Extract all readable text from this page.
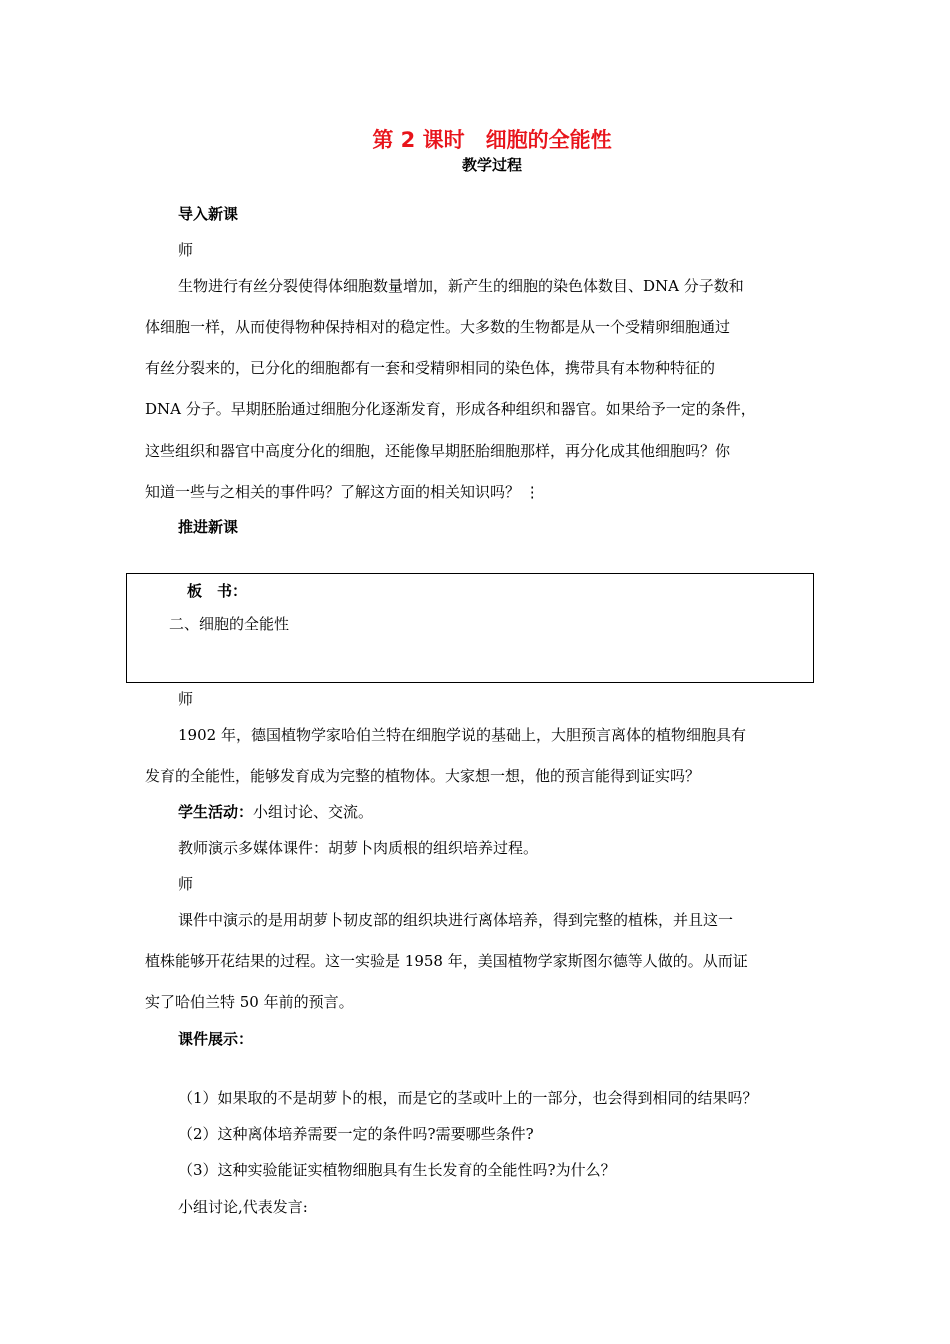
第 2 课时　细胞的全能性
教学过程
导入新课
师
生物进行有丝分裂使得体细胞数量增加，新产生的细胞的染色体数目、DNA 分子数和
体细胞一样，从而使得物种保持相对的稳定性。大多数的生物都是从一个受精卵细胞通过
有丝分裂来的，已分化的细胞都有一套和受精卵相同的染色体，携带具有本物种特征的
DNA 分子。早期胚胎通过细胞分化逐渐发育，形成各种组织和器官。如果给予一定的条件，
这些组织和器官中高度分化的细胞，还能像早期胚胎细胞那样，再分化成其他细胞吗？你
知道一些与之相关的事件吗？了解这方面的相关知识吗？ ⋮
推进新课
板　书：
二、细胞的全能性
师
1902 年，德国植物学家哈伯兰特在细胞学说的基础上，大胆预言离体的植物细胞具有
发育的全能性，能够发育成为完整的植物体。大家想一想，他的预言能得到证实吗？
学生活动：小组讨论、交流。
教师演示多媒体课件：胡萝卜肉质根的组织培养过程。
师
课件中演示的是用胡萝卜韧皮部的组织块进行离体培养，得到完整的植株，并且这一
植株能够开花结果的过程。这一实验是 1958 年，美国植物学家斯图尔德等人做的。从而证
实了哈伯兰特 50 年前的预言。
课件展示：
（1）如果取的不是胡萝卜的根，而是它的茎或叶上的一部分，也会得到相同的结果吗？
（2）这种离体培养需要一定的条件吗?需要哪些条件?
（3）这种实验能证实植物细胞具有生长发育的全能性吗?为什么？
小组讨论,代表发言:
